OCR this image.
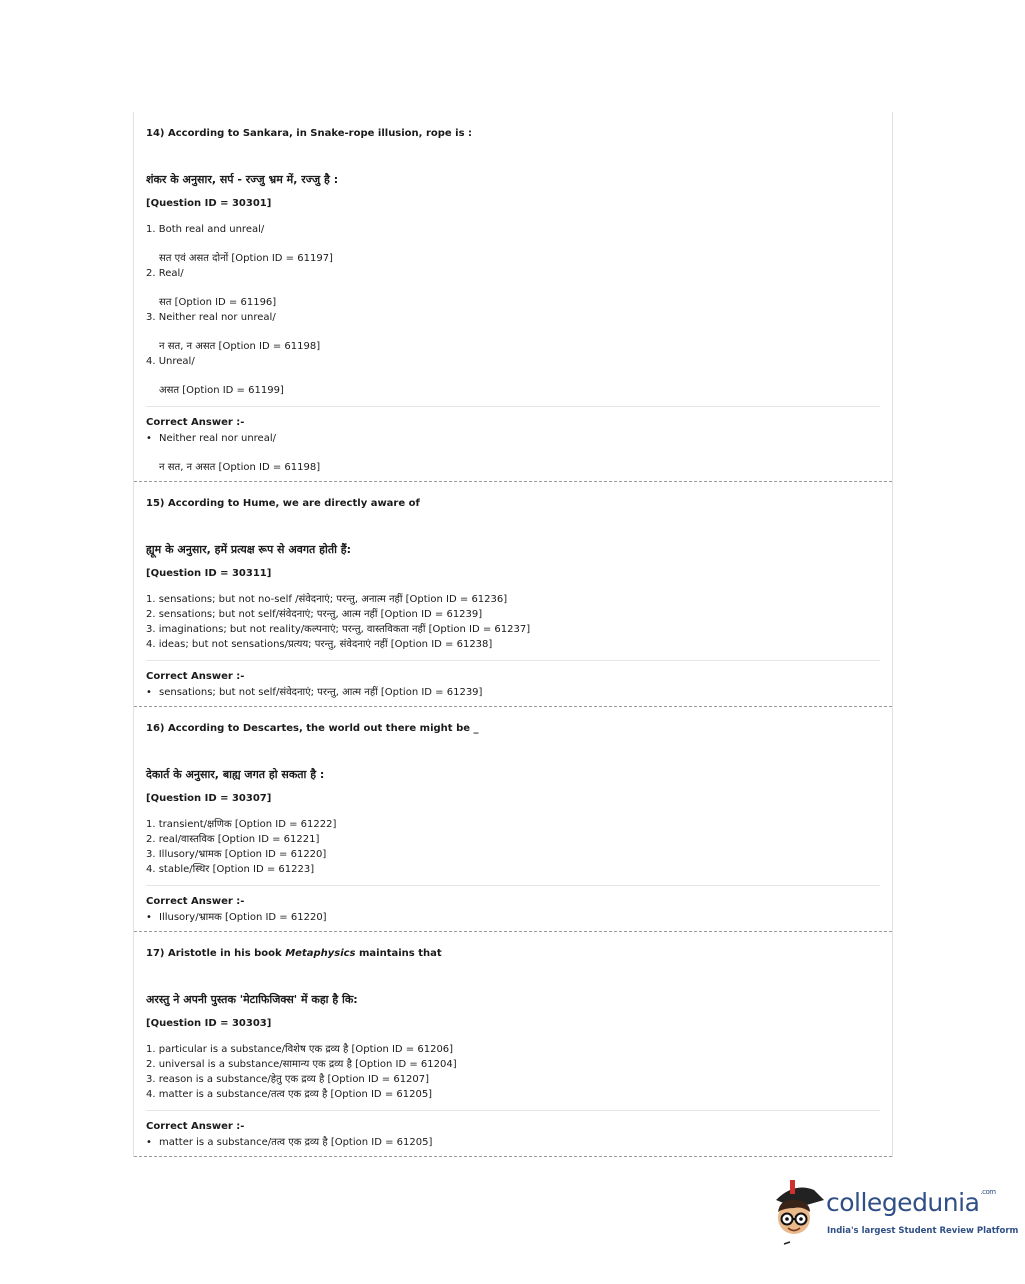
14) According to Sankara, in Snake-rope illusion, rope is :
शंकर के अनुसार, सर्प - रज्जु भ्रम में, रज्जु है :
[Question ID = 30301]
1. Both real and unreal/
सत एवं असत दोनों [Option ID = 61197]
2. Real/
सत [Option ID = 61196]
3. Neither real nor unreal/
न सत, न असत [Option ID = 61198]
4. Unreal/
असत [Option ID = 61199]
Correct Answer :-
• Neither real nor unreal/
न सत, न असत [Option ID = 61198]
15) According to Hume, we are directly aware of
ह्यूम के अनुसार, हमें प्रत्यक्ष रूप से अवगत होती हैं:
[Question ID = 30311]
1. sensations; but not no-self /संवेदनाएं; परन्तु, अनात्म नहीं [Option ID = 61236]
2. sensations; but not self/संवेदनाएं; परन्तु, आत्म नहीं [Option ID = 61239]
3. imaginations; but not reality/कल्पनाएं; परन्तु, वास्तविकता नहीं [Option ID = 61237]
4. ideas; but not sensations/प्रत्यय; परन्तु, संवेदनाएं नहीं [Option ID = 61238]
Correct Answer :-
• sensations; but not self/संवेदनाएं; परन्तु, आत्म नहीं [Option ID = 61239]
16) According to Descartes, the world out there might be _
देकार्त के अनुसार, बाह्य जगत हो सकता है :
[Question ID = 30307]
1. transient/क्षणिक [Option ID = 61222]
2. real/वास्तविक [Option ID = 61221]
3. Illusory/भ्रामक [Option ID = 61220]
4. stable/स्थिर [Option ID = 61223]
Correct Answer :-
• Illusory/भ्रामक [Option ID = 61220]
17) Aristotle in his book Metaphysics maintains that
अरस्तु ने अपनी पुस्तक 'मेटाफिजिक्स' में कहा है कि:
[Question ID = 30303]
1. particular is a substance/विशेष एक द्रव्य है [Option ID = 61206]
2. universal is a substance/सामान्य एक द्रव्य है [Option ID = 61204]
3. reason is a substance/हेतु एक द्रव्य है [Option ID = 61207]
4. matter is a substance/तत्व एक द्रव्य है [Option ID = 61205]
Correct Answer :-
• matter is a substance/तत्व एक द्रव्य है [Option ID = 61205]
collegedunia$^{.com}$
India's largest Student Review Platform
